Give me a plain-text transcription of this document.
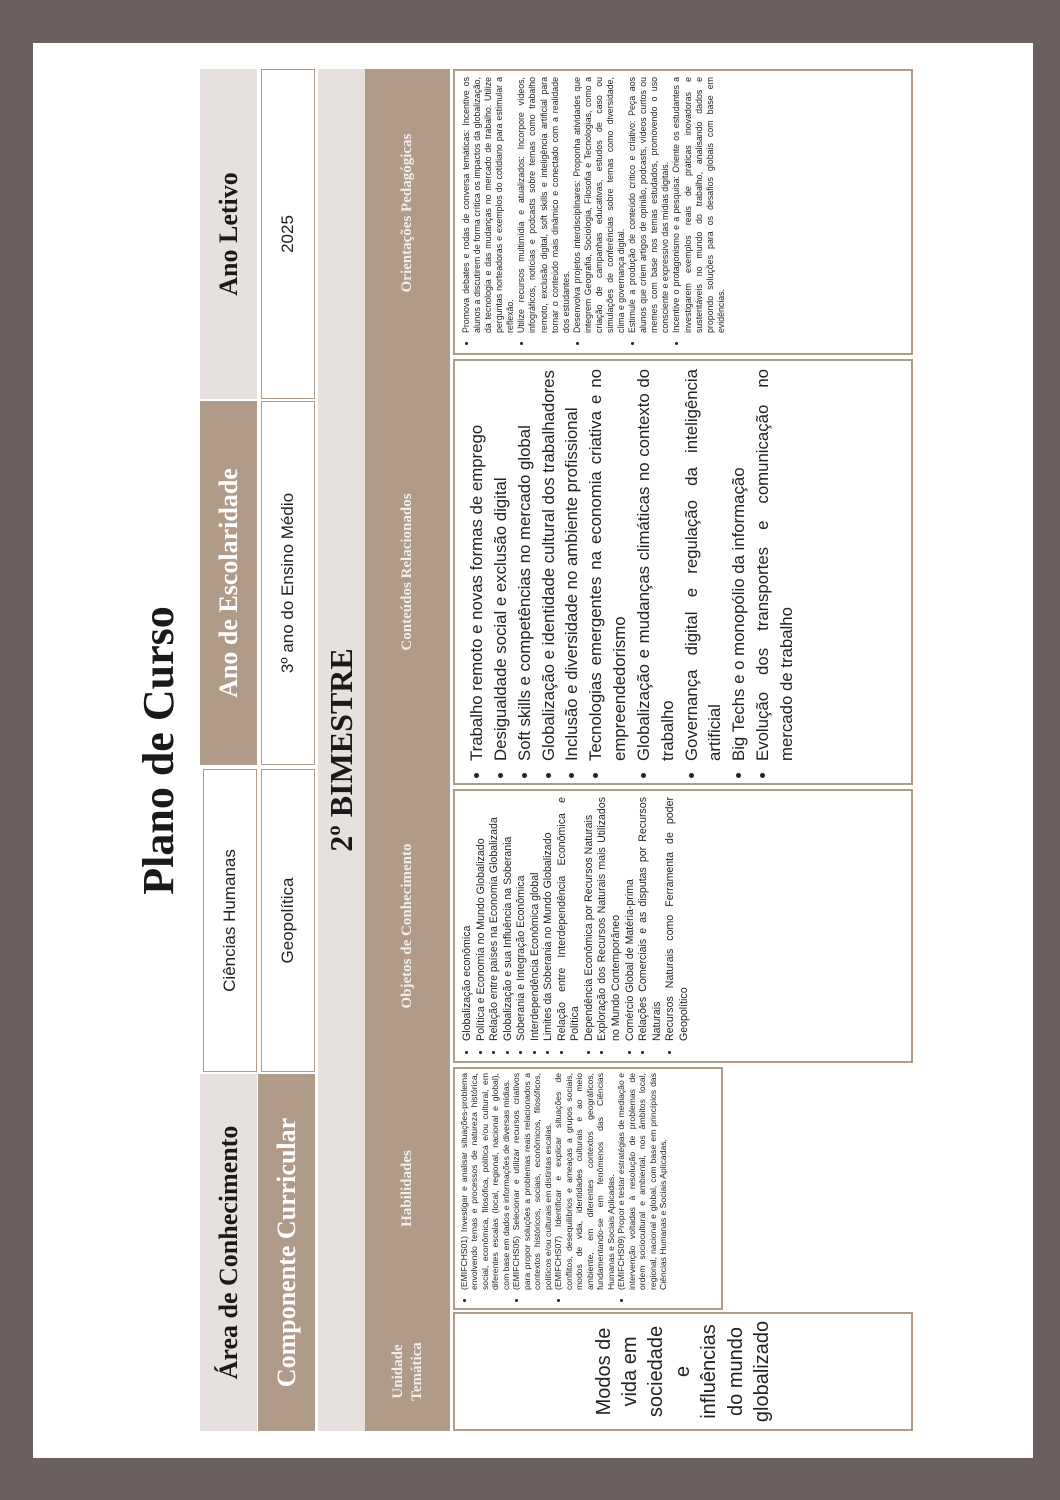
Plano de Curso
Área de Conhecimento
Ciências Humanas
Ano de Escolaridade
Ano Letivo
Componente Curricular
Geopolítica
3º ano do Ensino Médio
2025
2º BIMESTRE
Unidade Temática
Habilidades
Objetos de Conhecimento
Conteúdos Relacionados
Orientações Pedagógicas
Modos de vida em sociedade e influências do mundo globalizado
• (EMIFCHS01) Investigar e analisar situações-problema envolvendo temas e processos de natureza histórica, social, econômica, filosófica, política e/ou cultural, em diferentes escalas (local, regional, nacional e global), com base em dados e informações de diversas mídias. • (EMIFCHS05) Selecionar e utilizar recursos criativos para propor soluções a problemas reais relacionados a contextos históricos, sociais, econômicos, filosóficos, políticos e/ou culturais em distintas escalas. • (EMIFCHS07) Identificar e explicar situações de conflitos, desequilíbrios e ameaças a grupos sociais, modos de vida, identidades culturais e ao meio ambiente, em diferentes contextos geográficos, fundamentando-se em fenômenos das Ciências Humanas e Sociais Aplicadas. • (EMIFCHS09) Propor e testar estratégias de mediação e intervenção voltadas à resolução de problemas de ordem sociocultural e ambiental, nos âmbitos local, regional, nacional e global, com base em princípios das Ciências Humanas e Sociais Aplicadas.
• Globalização econômica • Política e Economia no Mundo Globalizado • Relação entre países na Economia Globalizada • Globalização e sua Influência na Soberania • Soberania e Integração Econômica • Interdependência Econômica global • Limites da Soberania no Mundo Globalizado • Relação entre Interdependência Econômica e Política • Dependência Econômica por Recursos Naturais • Exploração dos Recursos Naturais mais Utilizados no Mundo Contemporâneo • Comércio Global de Matéria-prima • Relações Comerciais e as disputas por Recursos Naturais • Recursos Naturais como Ferramenta de poder Geopolítico
• Trabalho remoto e novas formas de emprego • Desigualdade social e exclusão digital • Soft skills e competências no mercado global • Globalização e identidade cultural dos trabalhadores • Inclusão e diversidade no ambiente profissional • Tecnologias emergentes na economia criativa e no empreendedorismo • Globalização e mudanças climáticas no contexto do trabalho • Governança digital e regulação da inteligência artificial • Big Techs e o monopólio da informação • Evolução dos transportes e comunicação no mercado de trabalho
• Promova debates e rodas de conversa temáticas: Incentive os alunos a discutirem de forma crítica os impactos da globalização, da tecnologia e das mudanças no mercado de trabalho. Utilize perguntas norteadoras e exemplos do cotidiano para estimular a reflexão. • Utilize recursos multimídia e atualizados: Incorpore vídeos, infográficos, notícias e podcasts sobre temas como trabalho remoto, exclusão digital, soft skills e inteligência artificial para tornar o conteúdo mais dinâmico e conectado com a realidade dos estudantes. • Desenvolva projetos interdisciplinares: Proponha atividades que integrem Geografia, Sociologia, Filosofia e Tecnologias, como a criação de campanhas educativas, estudos de caso ou simulações de conferências sobre temas como diversidade, clima e governança digital. • Estimule a produção de conteúdo crítico e criativo: Peça aos alunos que criem artigos de opinião, podcasts, vídeos curtos ou memes com base nos temas estudados, promovendo o uso consciente e expressivo das mídias digitais. • Incentive o protagonismo e a pesquisa: Oriente os estudantes a investigarem exemplos reais de práticas inovadoras e sustentáveis no mundo do trabalho, analisando dados e propondo soluções para os desafios globais com base em evidências.
